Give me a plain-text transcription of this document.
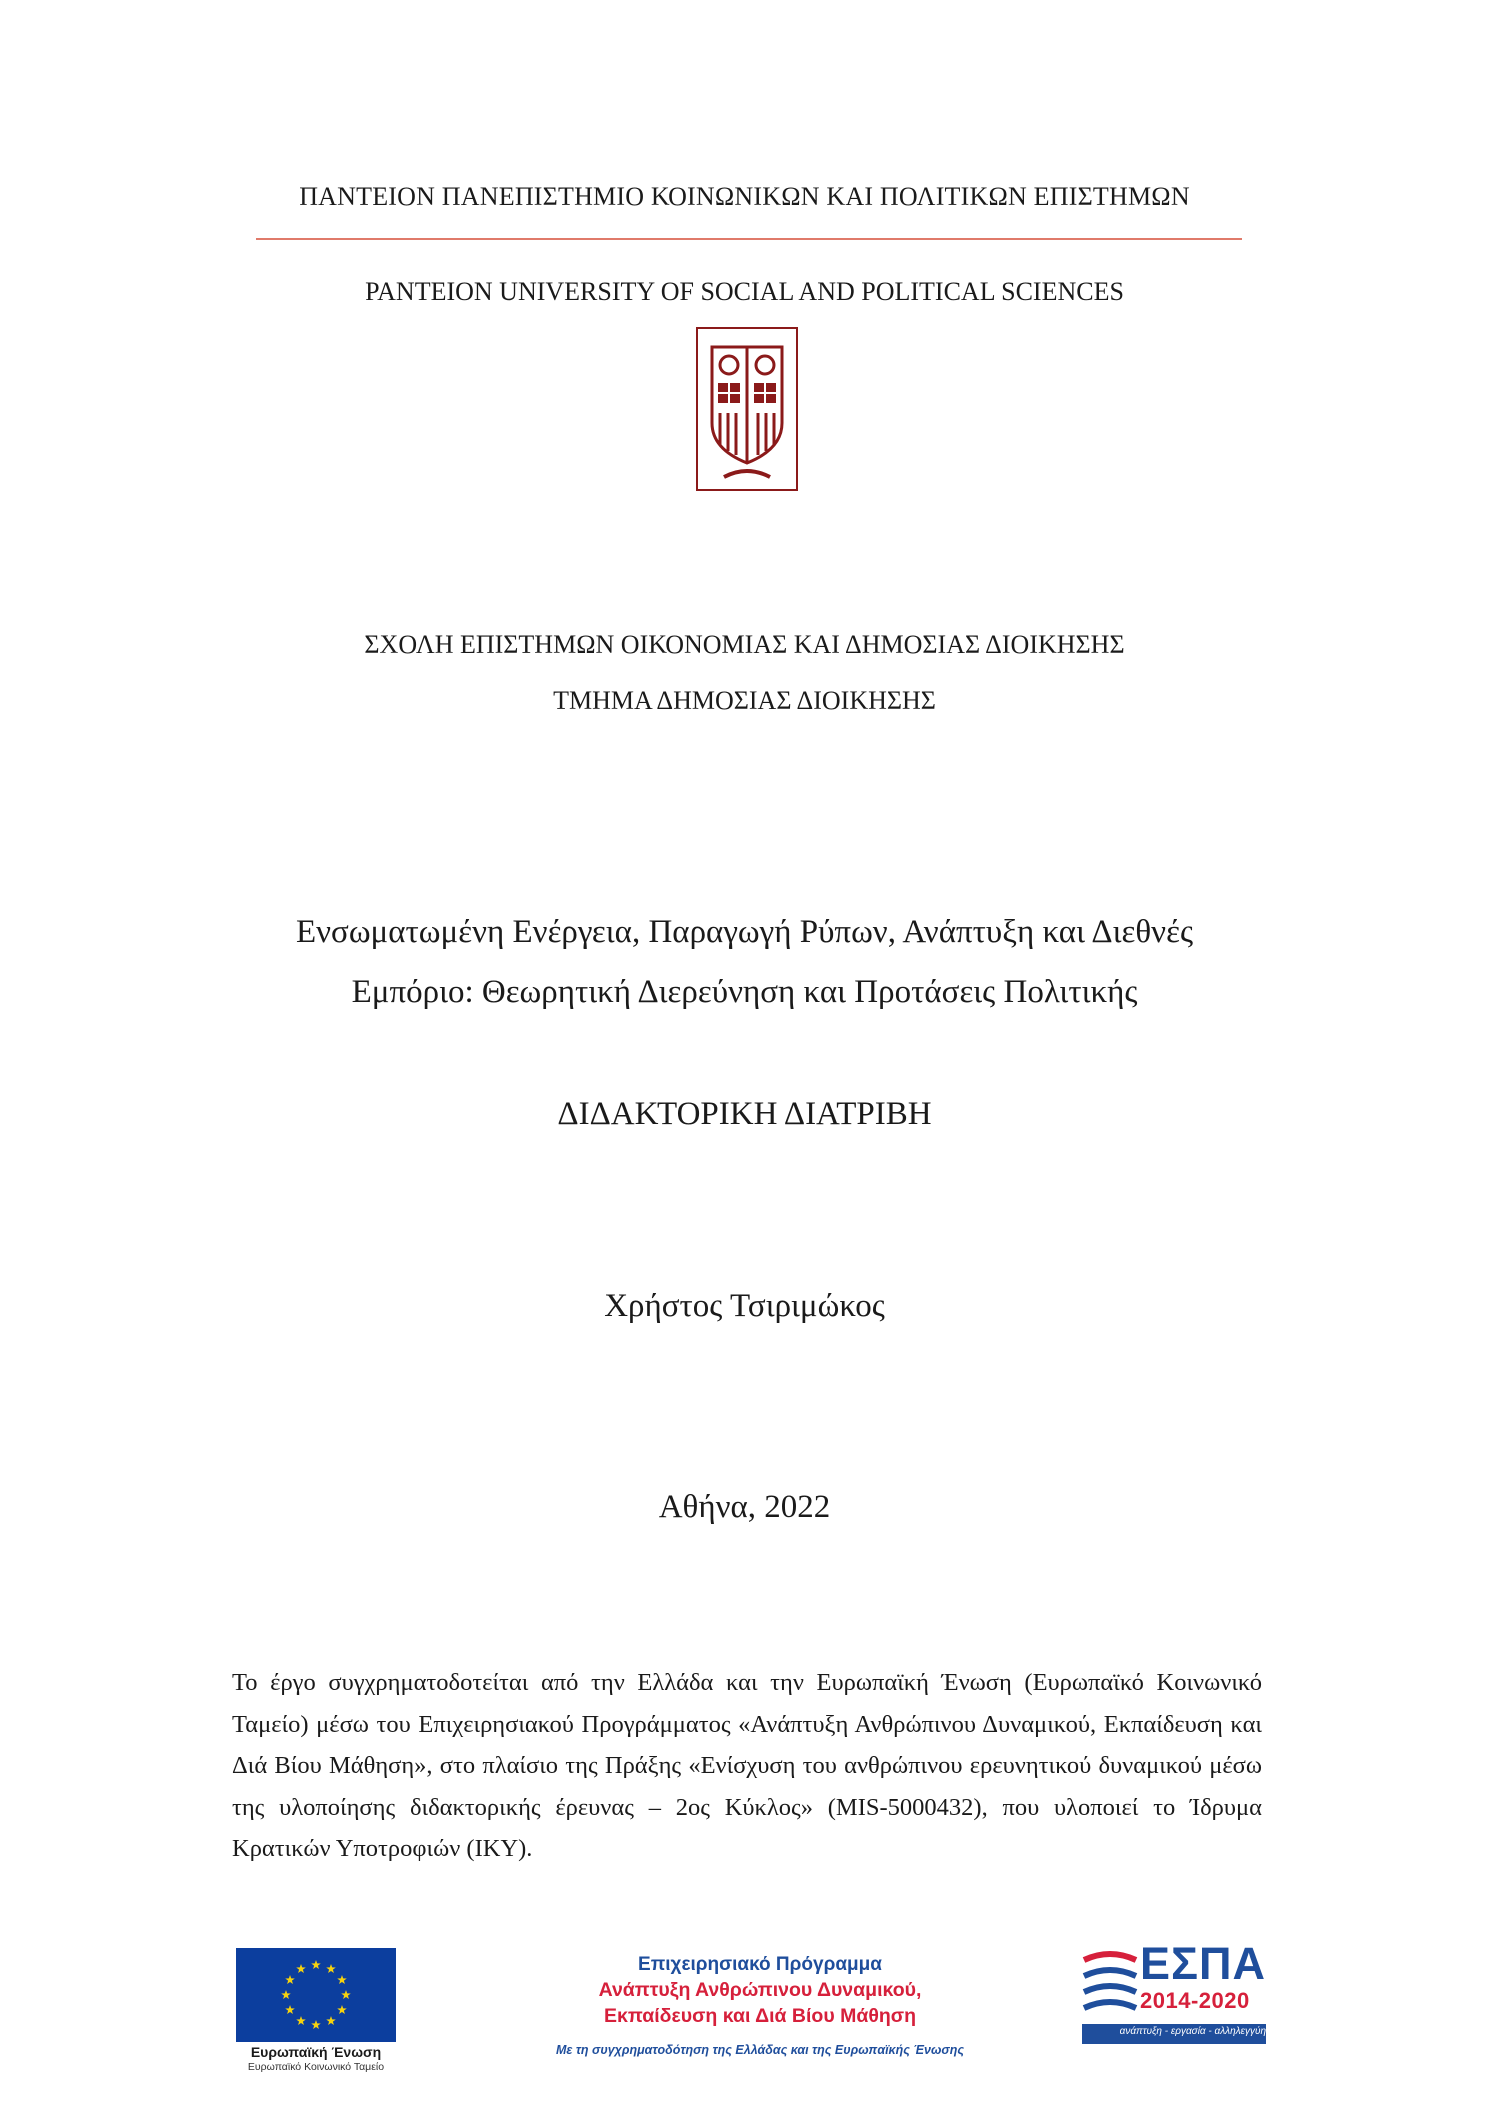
ΠΑΝΤΕΙΟΝ ΠΑΝΕΠΙΣΤΗΜΙΟ ΚΟΙΝΩΝΙΚΩΝ ΚΑΙ ΠΟΛΙΤΙΚΩΝ ΕΠΙΣΤΗΜΩΝ
PANTEION UNIVERSITY OF SOCIAL AND POLITICAL SCIENCES
ΣΧΟΛΗ ΕΠΙΣΤΗΜΩΝ ΟΙΚΟΝΟΜΙΑΣ ΚΑΙ ΔΗΜΟΣΙΑΣ ΔΙΟΙΚΗΣΗΣ
ΤΜΗΜΑ ΔΗΜΟΣΙΑΣ ΔΙΟΙΚΗΣΗΣ
Ενσωματωμένη Ενέργεια, Παραγωγή Ρύπων, Ανάπτυξη και Διεθνές
Εμπόριο: Θεωρητική Διερεύνηση και Προτάσεις Πολιτικής
ΔΙΔΑΚΤΟΡΙΚΗ ΔΙΑΤΡΙΒΗ
Χρήστος Τσιριμώκος
Αθήνα, 2022
Το έργο συγχρηματοδοτείται από την Ελλάδα και την Ευρωπαϊκή Ένωση (Ευρωπαϊκό Κοινωνικό Ταμείο) μέσω του Επιχειρησιακού Προγράμματος «Ανάπτυξη Ανθρώπινου Δυναμικού, Εκπαίδευση και Διά Βίου Μάθηση», στο πλαίσιο της Πράξης «Ενίσχυση του ανθρώπινου ερευνητικού δυναμικού μέσω της υλοποίησης διδακτορικής έρευνας – 2ος Κύκλος» (MIS-5000432), που υλοποιεί το Ίδρυμα Κρατικών Υποτροφιών (ΙΚΥ).
Ευρωπαϊκή Ένωση
Ευρωπαϊκό Κοινωνικό Ταμείο
Επιχειρησιακό Πρόγραμμα
Ανάπτυξη Ανθρώπινου Δυναμικού,
Εκπαίδευση και Διά Βίου Μάθηση
Με τη συγχρηματοδότηση της Ελλάδας και της Ευρωπαϊκής Ένωσης
ΕΣΠΑ
2014-2020
ανάπτυξη - εργασία - αλληλεγγύη
